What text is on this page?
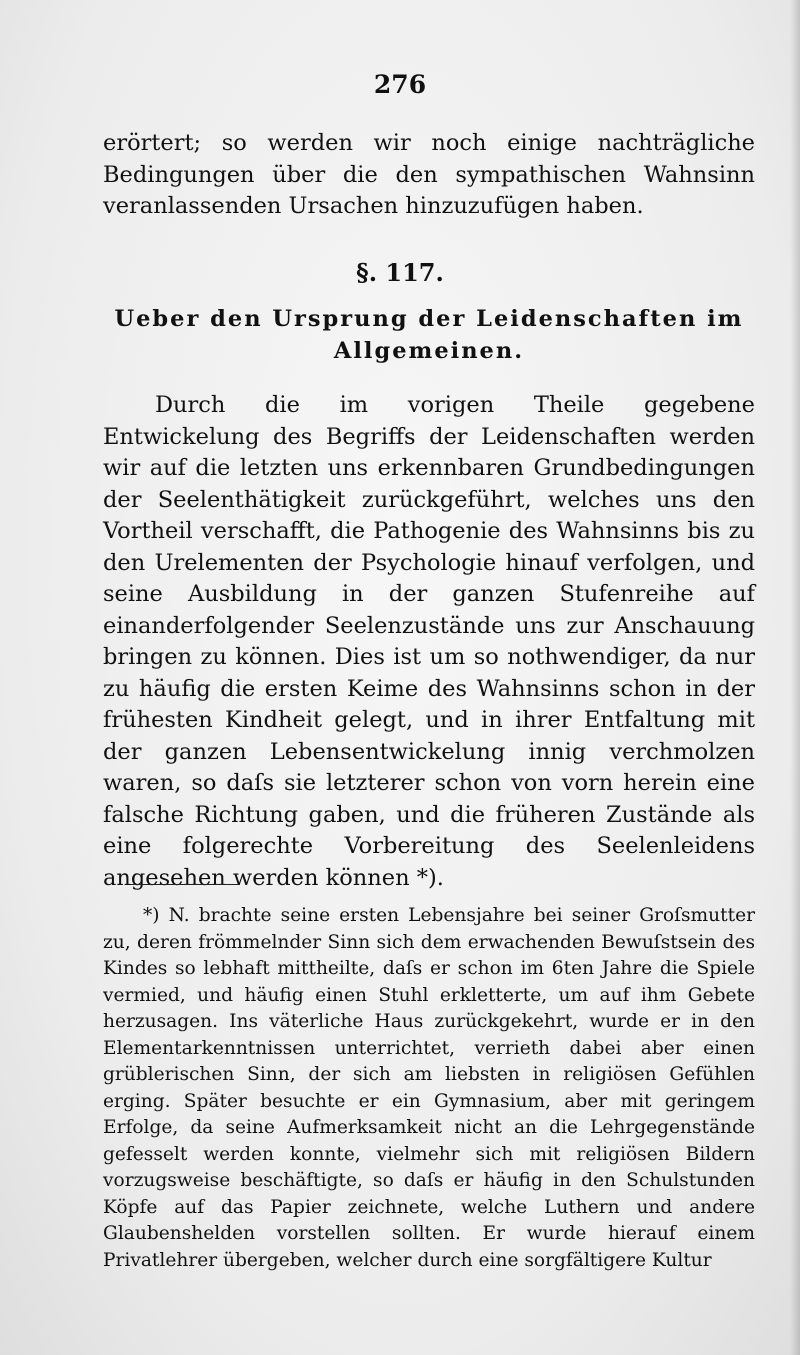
276
erörtert; so werden wir noch einige nachträgliche Bedingungen über die den sympathischen Wahnsinn veranlassenden Ursachen hinzuzufügen haben.
§. 117.
Ueber den Ursprung der Leidenschaften im Allgemeinen.
Durch die im vorigen Theile gegebene Entwickelung des Begriffs der Leidenschaften werden wir auf die letzten uns erkennbaren Grundbedingungen der Seelenthätigkeit zurückgeführt, welches uns den Vortheil verschafft, die Pathogenie des Wahnsinns bis zu den Urelementen der Psychologie hinauf verfolgen, und seine Ausbildung in der ganzen Stufenreihe auf einanderfolgender Seelenzustände uns zur Anschauung bringen zu können. Dies ist um so nothwendiger, da nur zu häufig die ersten Keime des Wahnsinns schon in der frühesten Kindheit gelegt, und in ihrer Entfaltung mit der ganzen Lebensentwickelung innig verchmolzen waren, so daſs sie letzterer schon von vorn herein eine falsche Richtung gaben, und die früheren Zustände als eine folgerechte Vorbereitung des Seelenleidens angesehen werden können *).
*) N. brachte seine ersten Lebensjahre bei seiner Groſsmutter zu, deren frömmelnder Sinn sich dem erwachenden Bewuſstsein des Kindes so lebhaft mittheilte, daſs er schon im 6ten Jahre die Spiele vermied, und häufig einen Stuhl erkletterte, um auf ihm Gebete herzusagen. Ins väterliche Haus zurückgekehrt, wurde er in den Elementarkenntnissen unterrichtet, verrieth dabei aber einen grüblerischen Sinn, der sich am liebsten in religiösen Gefühlen erging. Später besuchte er ein Gymnasium, aber mit geringem Erfolge, da seine Aufmerksamkeit nicht an die Lehrgegenstände gefesselt werden konnte, vielmehr sich mit religiösen Bildern vorzugsweise beschäftigte, so daſs er häufig in den Schulstunden Köpfe auf das Papier zeichnete, welche Luthern und andere Glaubenshelden vorstellen sollten. Er wurde hierauf einem Privatlehrer übergeben, welcher durch eine sorgfältigere Kultur
